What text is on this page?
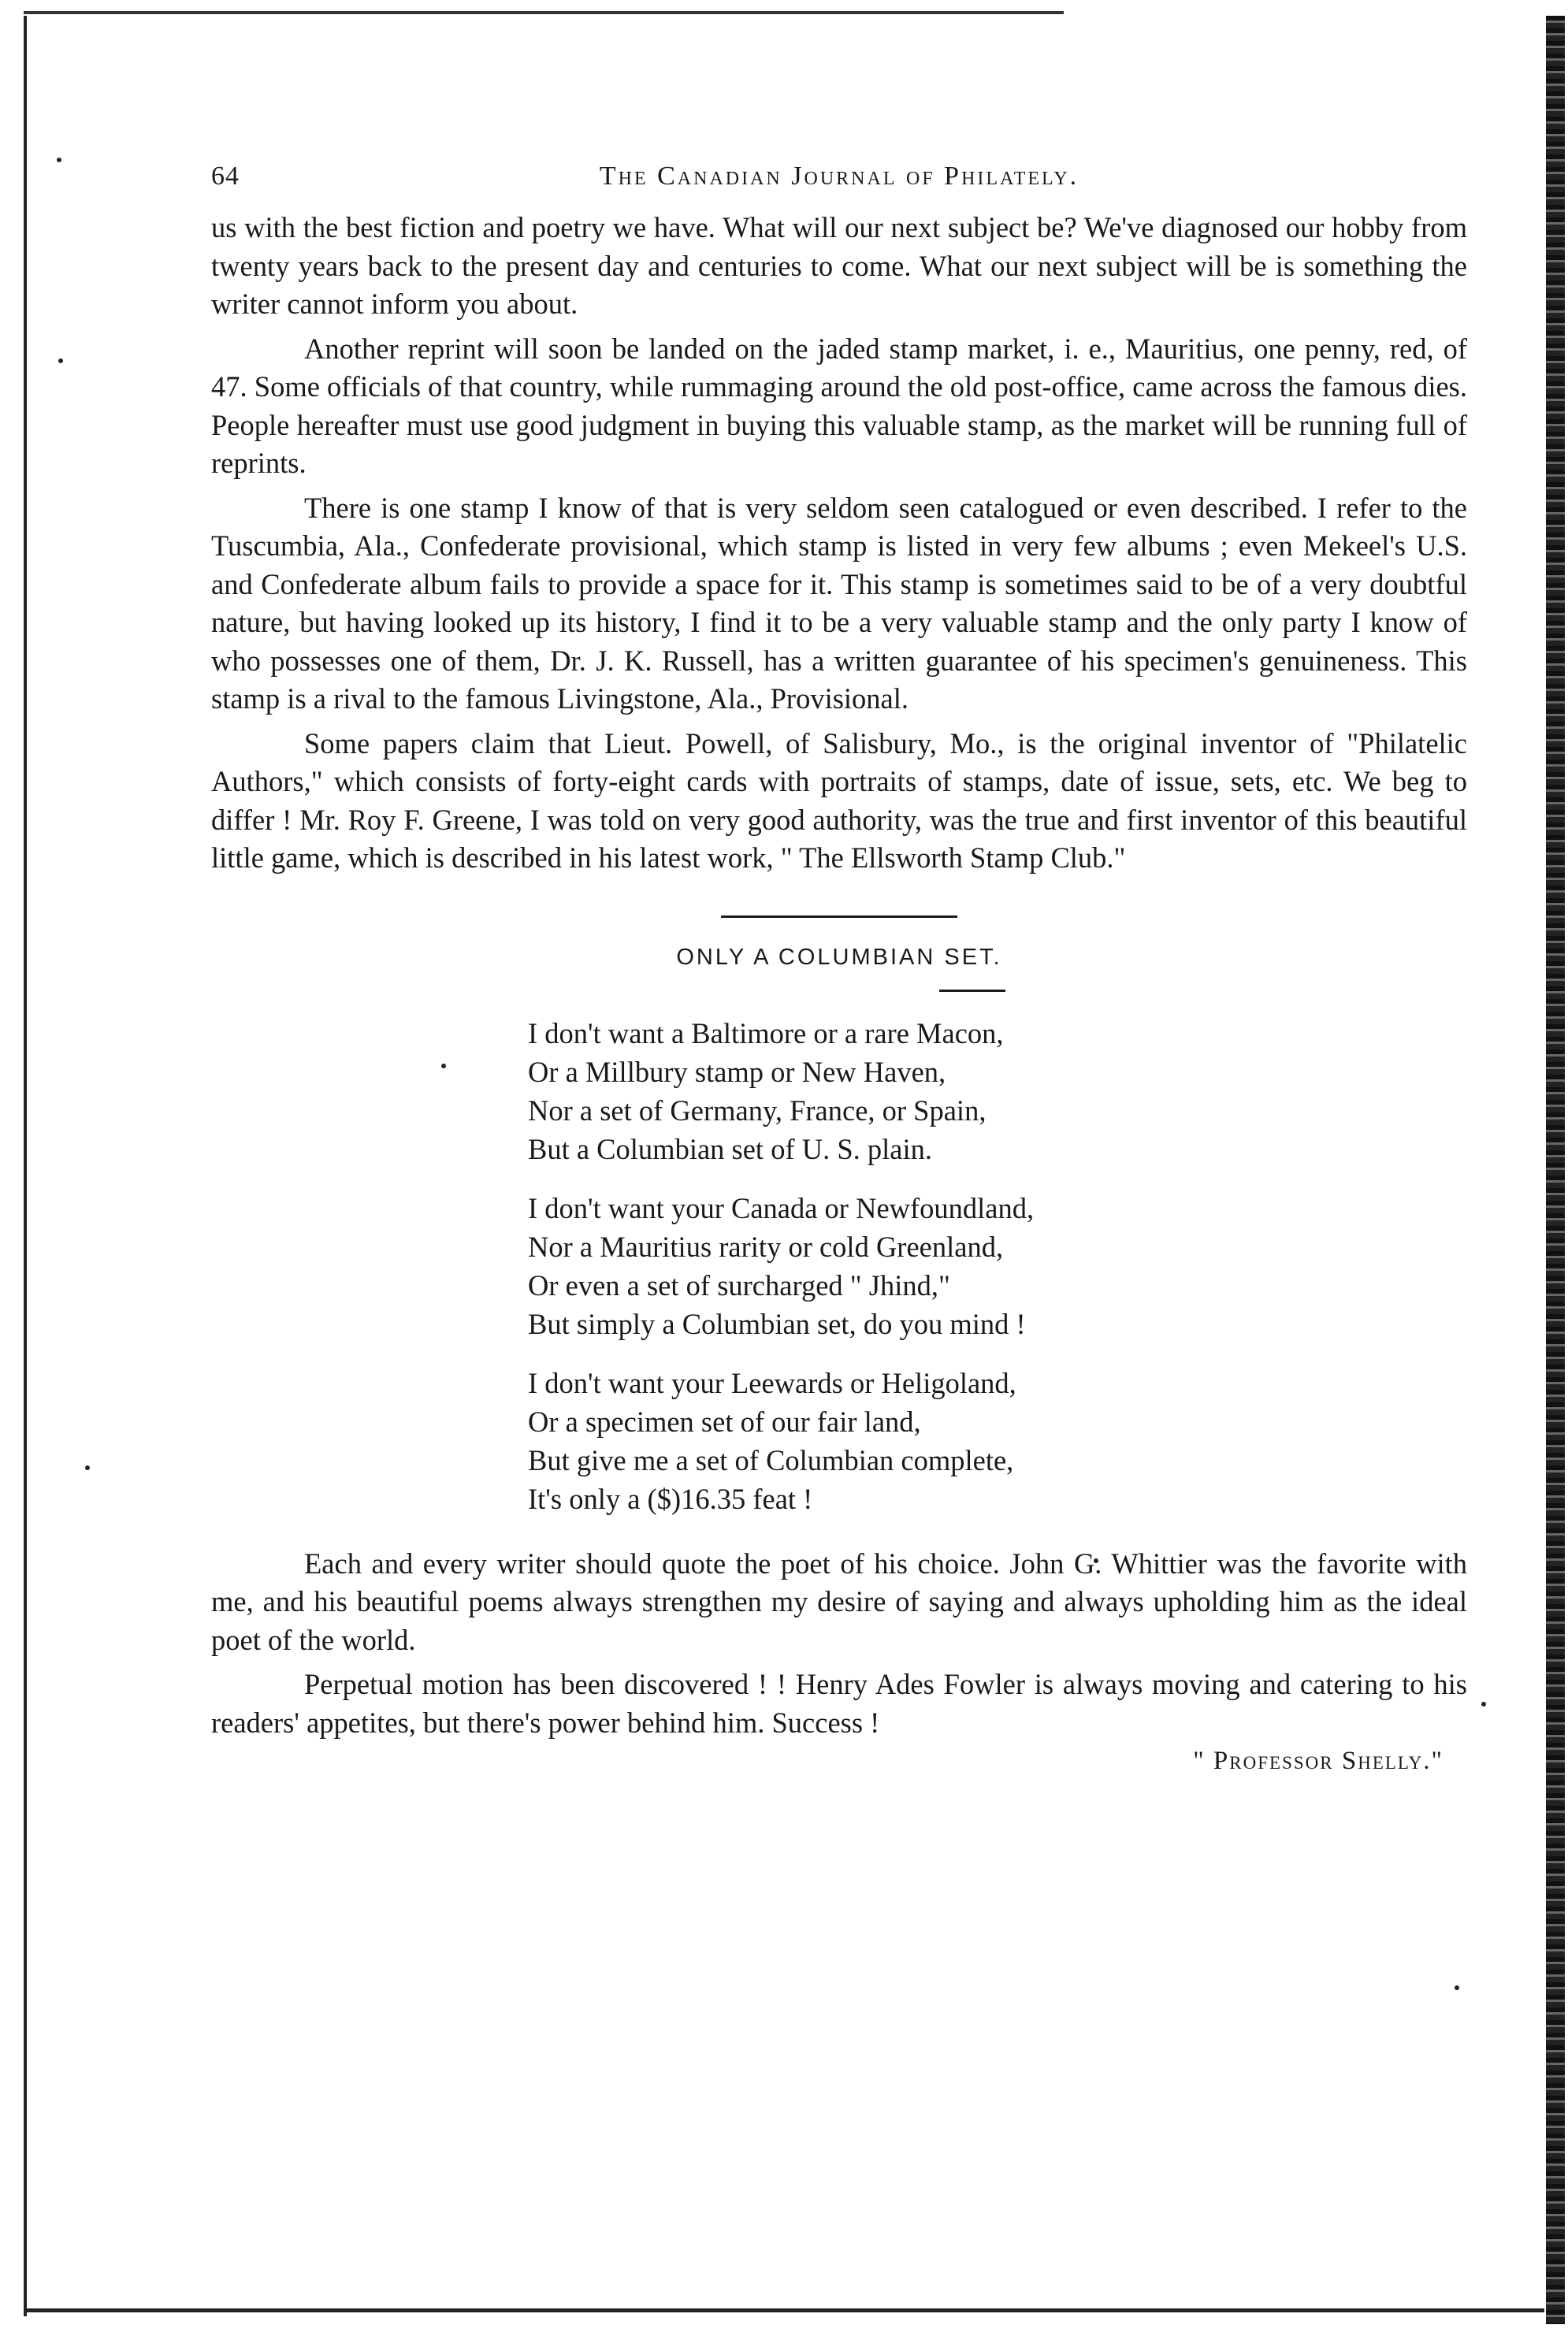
64	The Canadian Journal of Philately.

us with the best fiction and poetry we have. What will our next subject be? We've diagnosed our hobby from twenty years back to the present day and centuries to come. What our next subject will be is something the writer cannot inform you about.

Another reprint will soon be landed on the jaded stamp market, i. e., Mauritius, one penny, red, of 47. Some officials of that country, while rummaging around the old post-office, came across the famous dies. People hereafter must use good judgment in buying this valuable stamp, as the market will be running full of reprints.

There is one stamp I know of that is very seldom seen catalogued or even described. I refer to the Tuscumbia, Ala., Confederate provisional, which stamp is listed in very few albums ; even Mekeel's U.S. and Confederate album fails to provide a space for it. This stamp is sometimes said to be of a very doubtful nature, but having looked up its history, I find it to be a very valuable stamp and the only party I know of who possesses one of them, Dr. J. K. Russell, has a written guarantee of his specimen's genuineness. This stamp is a rival to the famous Livingstone, Ala., Provisional.

Some papers claim that Lieut. Powell, of Salisbury, Mo., is the original inventor of "Philatelic Authors," which consists of forty-eight cards with portraits of stamps, date of issue, sets, etc. We beg to differ ! Mr. Roy F. Greene, I was told on very good authority, was the true and first inventor of this beautiful little game, which is described in his latest work, " The Ellsworth Stamp Club."

ONLY A COLUMBIAN SET.
I don't want a Baltimore or a rare Macon,
Or a Millbury stamp or New Haven,
Nor a set of Germany, France, or Spain,
But a Columbian set of U. S. plain.
I don't want your Canada or Newfoundland,
Nor a Mauritius rarity or cold Greenland,
Or even a set of surcharged " Jhind,"
But simply a Columbian set, do you mind !
I don't want your Leewards or Heligoland,
Or a specimen set of our fair land,
But give me a set of Columbian complete,
It's only a ($)16.35 feat !

Each and every writer should quote the poet of his choice. John G. Whittier was the favorite with me, and his beautiful poems always strengthen my desire of saying and always upholding him as the ideal poet of the world.

Perpetual motion has been discovered ! ! Henry Ades Fowler is always moving and catering to his readers' appetites, but there's power behind him. Success !

" Professor Shelly."
